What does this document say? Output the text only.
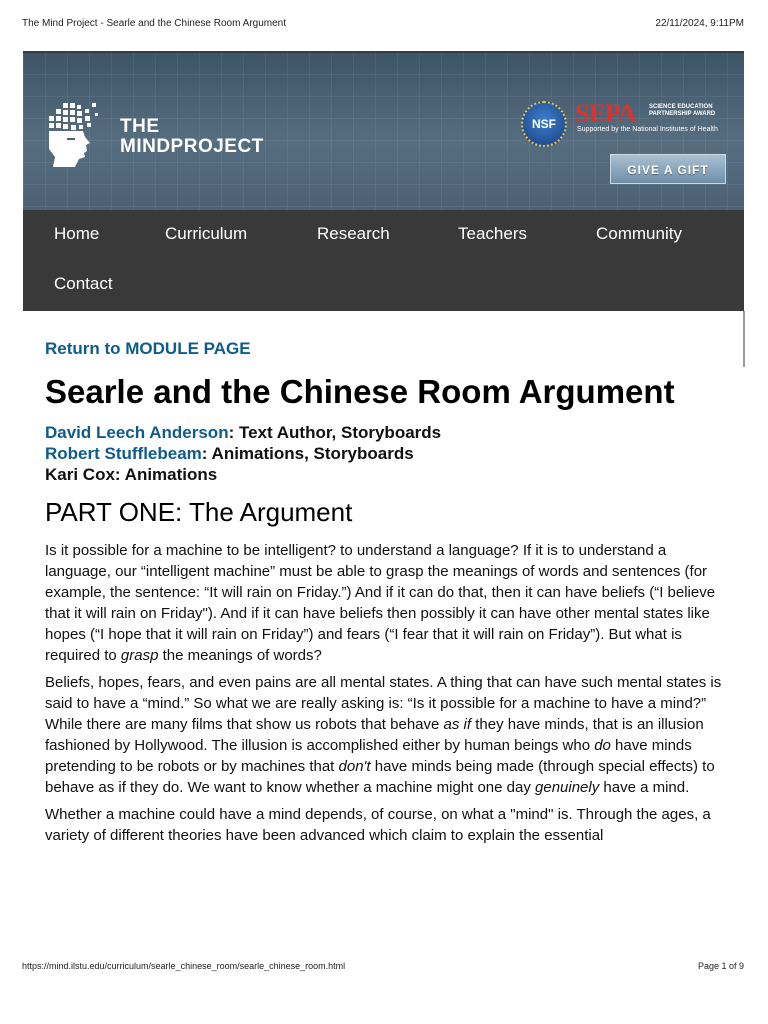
The Mind Project - Searle and the Chinese Room Argument	22/11/2024, 9:11PM
THE
MINDPROJECT
NSF SEPA SCIENCE EDUCATION
PARTNERSHIP AWARD
Supported by the National Institutes of Health
GIVE A GIFT
Home	Curriculum	Research	Teachers	Community
Contact
Return to MODULE PAGE
Searle and the Chinese Room Argument
David Leech Anderson: Text Author, Storyboards
Robert Stufflebeam: Animations, Storyboards
Kari Cox: Animations
PART ONE: The Argument

Is it possible for a machine to be intelligent? to understand a language? If it is to understand a language, our “intelligent machine” must be able to grasp the meanings of words and sentences (for example, the sentence: “It will rain on Friday.”) And if it can do that, then it can have beliefs (“I believe that it will rain on Friday"). And if it can have beliefs then possibly it can have other mental states like hopes (“I hope that it will rain on Friday”) and fears (“I fear that it will rain on Friday”). But what is required to grasp the meanings of words?

Beliefs, hopes, fears, and even pains are all mental states. A thing that can have such mental states is said to have a “mind.” So what we are really asking is: “Is it possible for a machine to have a mind?” While there are many films that show us robots that behave as if they have minds, that is an illusion fashioned by Hollywood. The illusion is accomplished either by human beings who do have minds pretending to be robots or by machines that don't have minds being made (through special effects) to behave as if they do. We want to know whether a machine might one day genuinely have a mind.

Whether a machine could have a mind depends, of course, on what a "mind" is. Through the ages, a variety of different theories have been advanced which claim to explain the essential

https://mind.ilstu.edu/curriculum/searle_chinese_room/searle_chinese_room.html	Page 1 of 9
